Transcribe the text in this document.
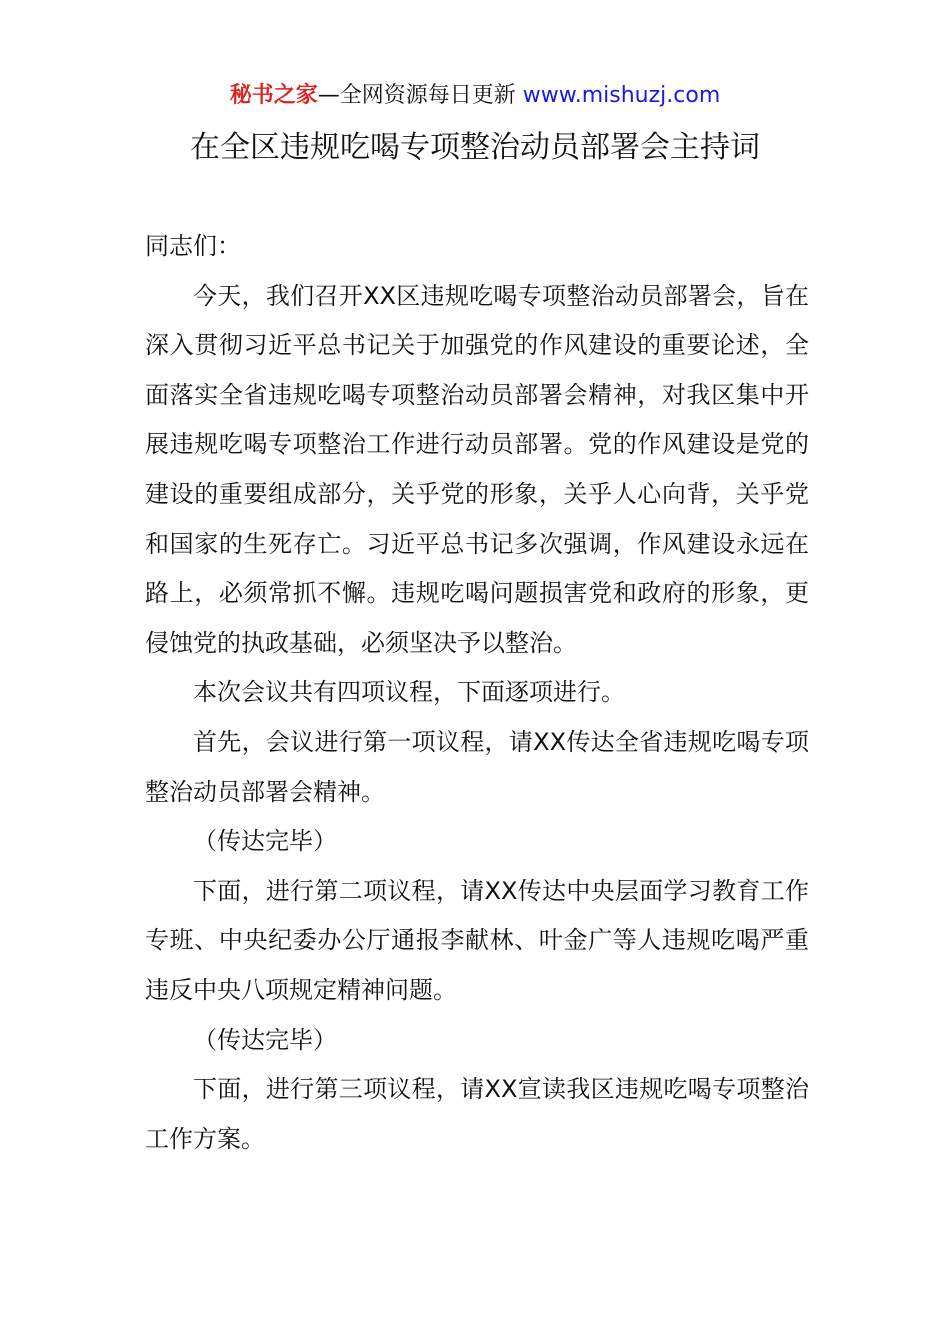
秘书之家—全网资源每日更新 www.mishuzj.com
在全区违规吃喝专项整治动员部署会主持词

同志们：

今天，我们召开XX区违规吃喝专项整治动员部署会，旨在深入贯彻习近平总书记关于加强党的作风建设的重要论述，全面落实全省违规吃喝专项整治动员部署会精神，对我区集中开展违规吃喝专项整治工作进行动员部署。党的作风建设是党的建设的重要组成部分，关乎党的形象，关乎人心向背，关乎党和国家的生死存亡。习近平总书记多次强调，作风建设永远在路上，必须常抓不懈。违规吃喝问题损害党和政府的形象，更侵蚀党的执政基础，必须坚决予以整治。

本次会议共有四项议程，下面逐项进行。

首先，会议进行第一项议程，请XX传达全省违规吃喝专项整治动员部署会精神。

（传达完毕）

下面，进行第二项议程，请XX传达中央层面学习教育工作专班、中央纪委办公厅通报李献林、叶金广等人违规吃喝严重违反中央八项规定精神问题。

（传达完毕）

下面，进行第三项议程，请XX宣读我区违规吃喝专项整治工作方案。
